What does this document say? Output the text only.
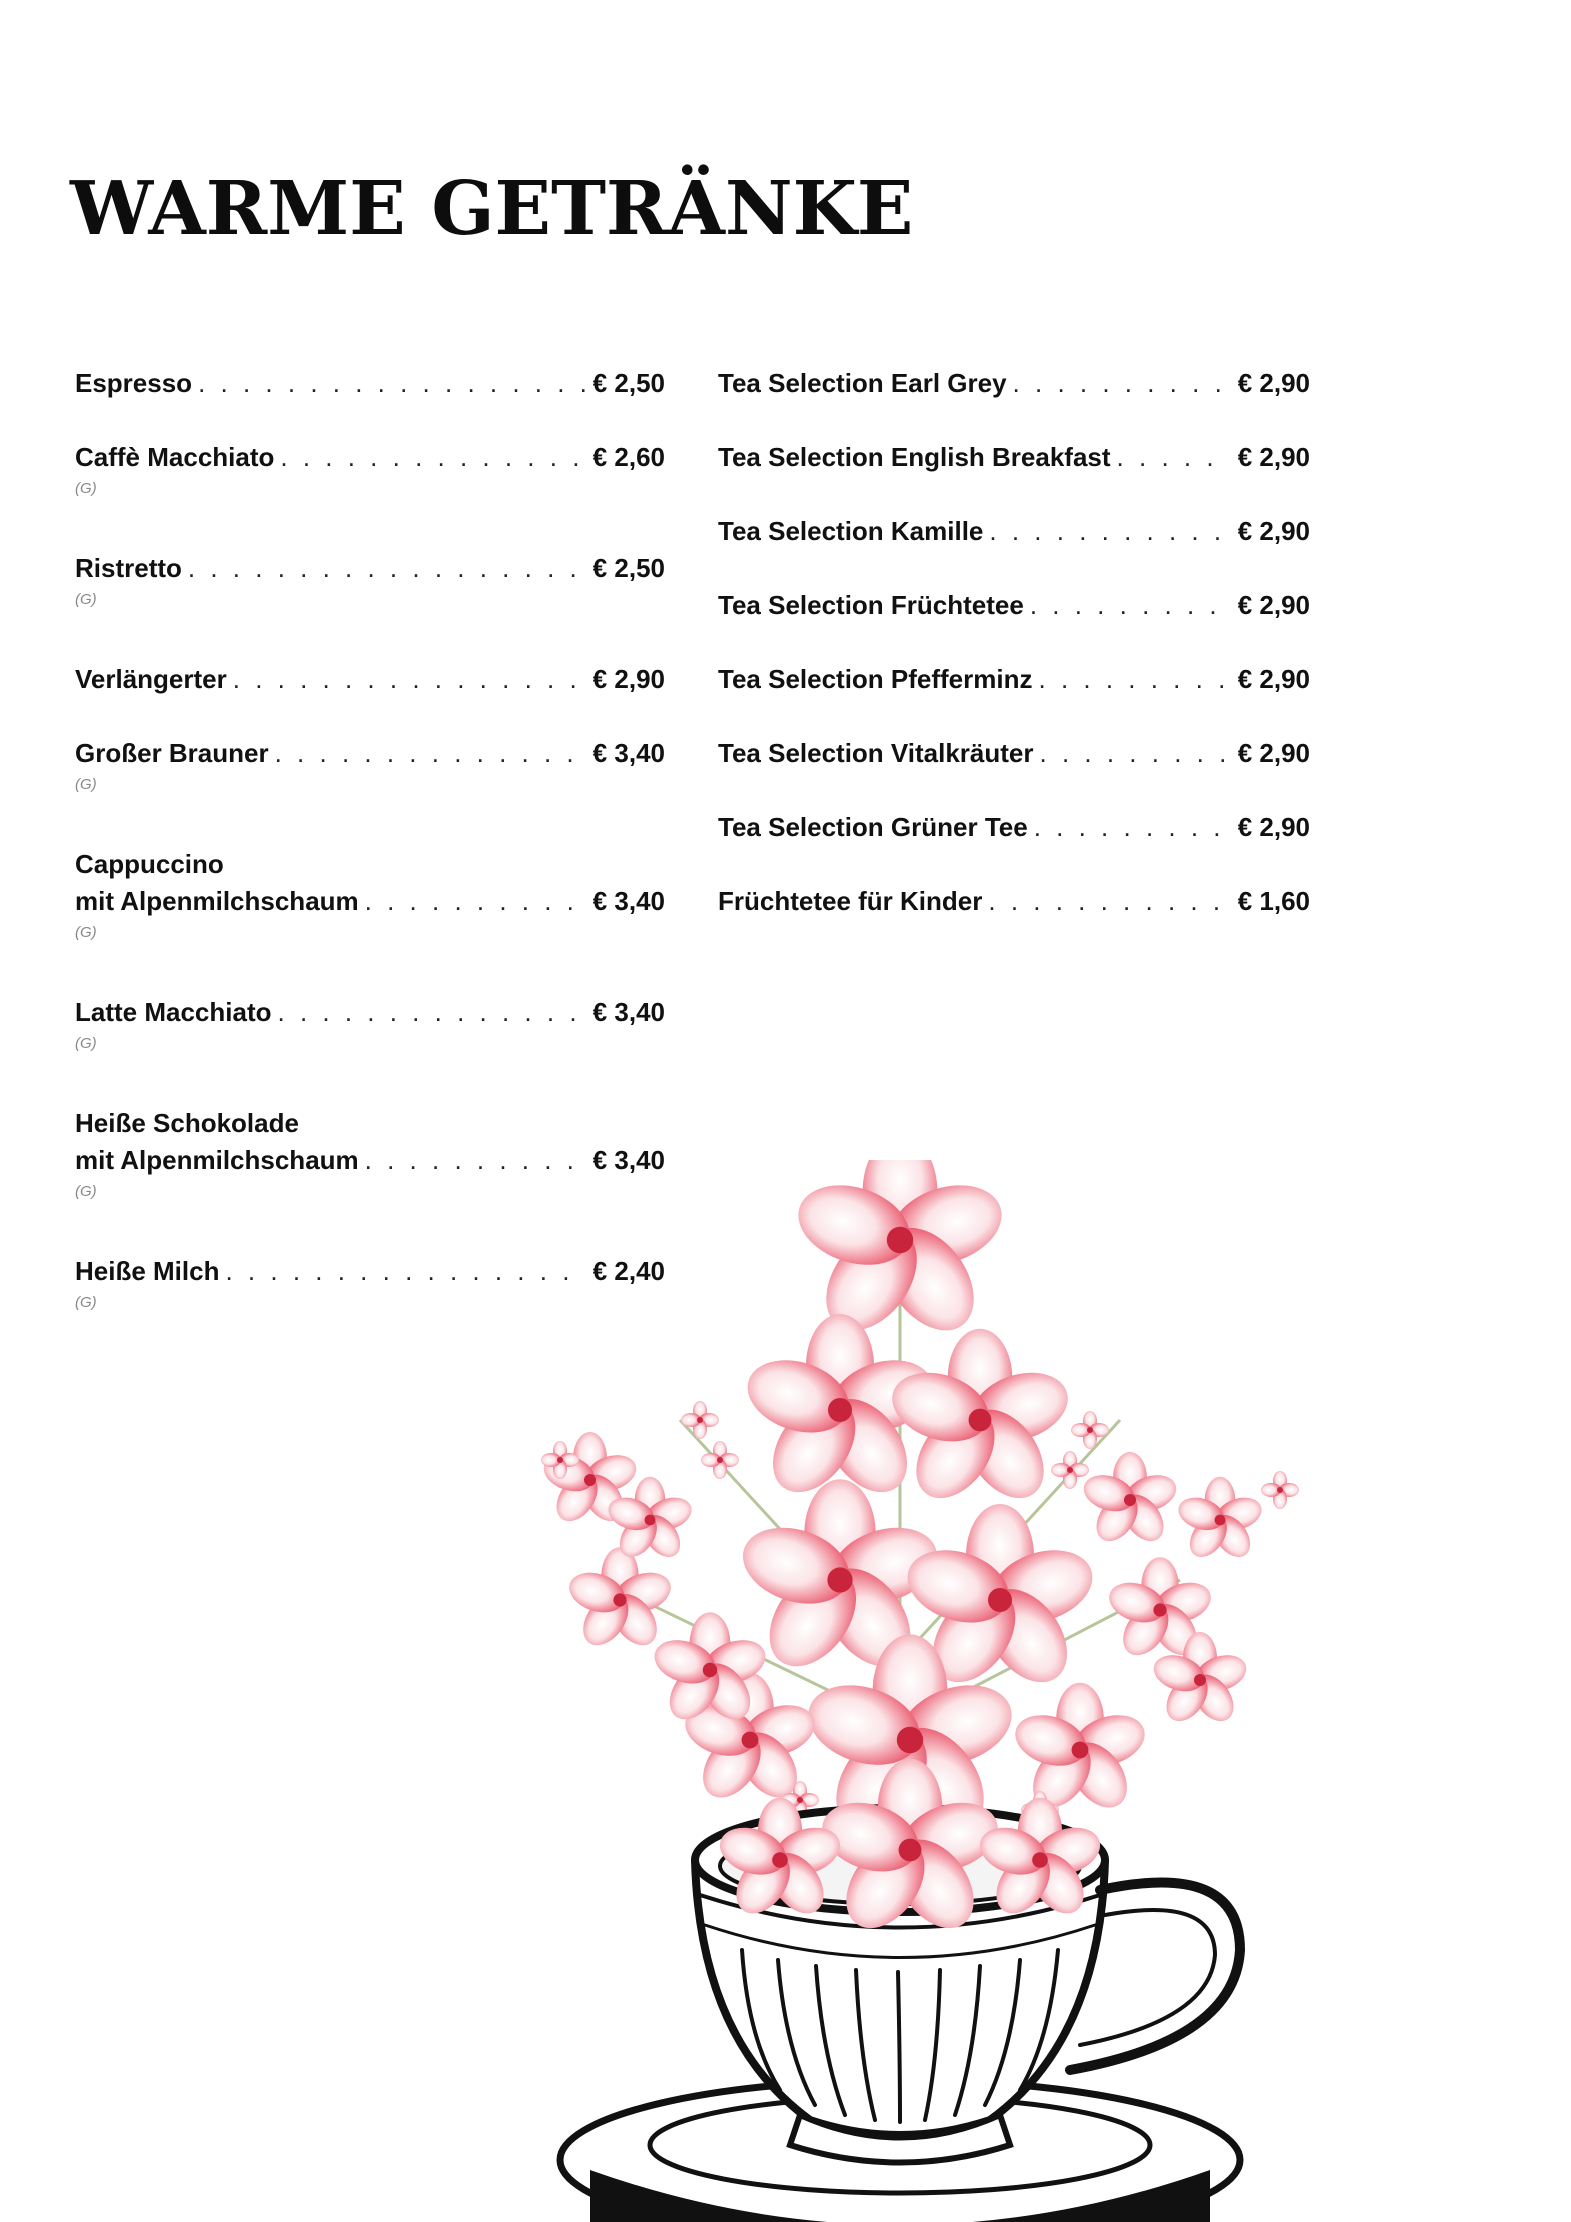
WARME GETRÄNKE
Espresso . . .	€ 2,50
Caffè Macchiato . . .	€ 2,60
(G)
Ristretto . . .	€ 2,50
(G)
Verlängerter . . .	€ 2,90
Großer Brauner . . .	€ 3,40
(G)
Cappuccino
mit Alpenmilchschaum . . .	€ 3,40
(G)
Latte Macchiato . . .	€ 3,40
(G)
Heiße Schokolade
mit Alpenmilchschaum . . .	€ 3,40
(G)
Heiße Milch . . .	€ 2,40
(G)
Tea Selection Earl Grey . . .	€ 2,90
Tea Selection English Breakfast . . .	€ 2,90
Tea Selection Kamille . . .	€ 2,90
Tea Selection Früchtetee . . .	€ 2,90
Tea Selection Pfefferminz . . .	€ 2,90
Tea Selection Vitalkräuter . . .	€ 2,90
Tea Selection Grüner Tee . . .	€ 2,90
Früchtetee für Kinder . . .	€ 1,60
